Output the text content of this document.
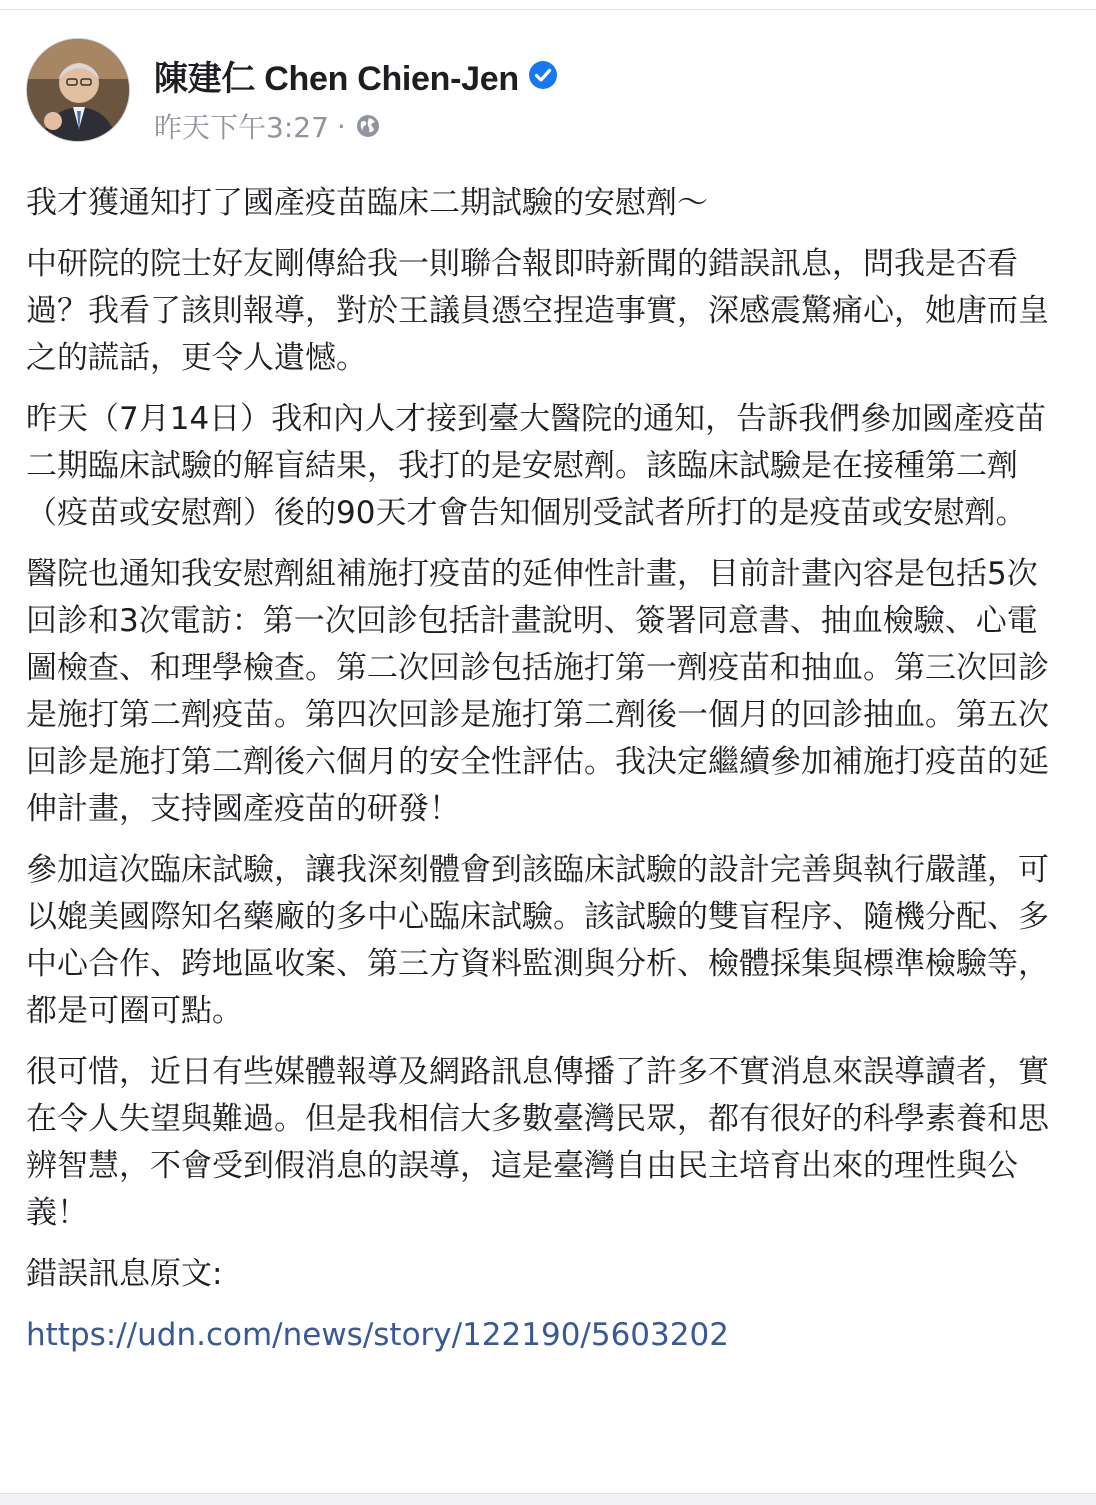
陳建仁 Chen Chien-Jen
昨天下午3:27 ·

我才獲通知打了國產疫苗臨床二期試驗的安慰劑～

中研院的院士好友剛傳給我一則聯合報即時新聞的錯誤訊息，問我是否看過？我看了該則報導，對於王議員憑空捏造事實，深感震驚痛心，她唐而皇之的謊話，更令人遺憾。

昨天（7月14日）我和內人才接到臺大醫院的通知，告訴我們參加國產疫苗二期臨床試驗的解盲結果，我打的是安慰劑。該臨床試驗是在接種第二劑（疫苗或安慰劑）後的90天才會告知個別受試者所打的是疫苗或安慰劑。

醫院也通知我安慰劑組補施打疫苗的延伸性計畫，目前計畫內容是包括5次回診和3次電訪：第一次回診包括計畫說明、簽署同意書、抽血檢驗、心電圖檢查、和理學檢查。第二次回診包括施打第一劑疫苗和抽血。第三次回診是施打第二劑疫苗。第四次回診是施打第二劑後一個月的回診抽血。第五次回診是施打第二劑後六個月的安全性評估。我決定繼續參加補施打疫苗的延伸計畫，支持國產疫苗的研發！

參加這次臨床試驗，讓我深刻體會到該臨床試驗的設計完善與執行嚴謹，可以媲美國際知名藥廠的多中心臨床試驗。該試驗的雙盲程序、隨機分配、多中心合作、跨地區收案、第三方資料監測與分析、檢體採集與標準檢驗等，都是可圈可點。

很可惜，近日有些媒體報導及網路訊息傳播了許多不實消息來誤導讀者，實在令人失望與難過。但是我相信大多數臺灣民眾，都有很好的科學素養和思辨智慧，不會受到假消息的誤導，這是臺灣自由民主培育出來的理性與公義！

錯誤訊息原文:

https://udn.com/news/story/122190/5603202
